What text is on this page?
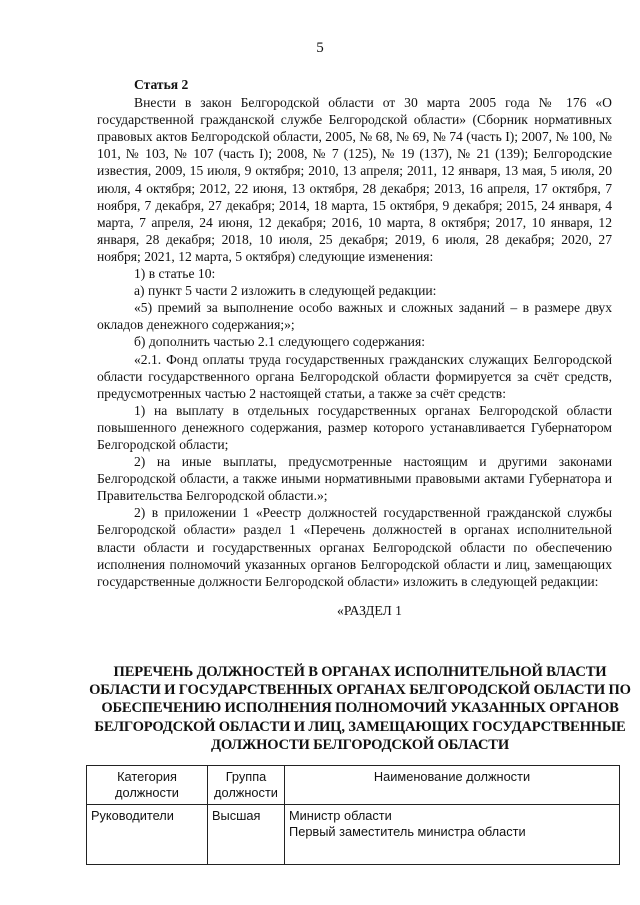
5
Статья 2

Внести в закон Белгородской области от 30 марта 2005 года № 176 «О государственной гражданской службе Белгородской области» (Сборник нормативных правовых актов Белгородской области, 2005, № 68, № 69, № 74 (часть I); 2007, № 100, № 101, № 103, № 107 (часть I); 2008, № 7 (125), № 19 (137), № 21 (139); Белгородские известия, 2009, 15 июля, 9 октября; 2010, 13 апреля; 2011, 12 января, 13 мая, 5 июля, 20 июля, 4 октября; 2012, 22 июня, 13 октября, 28 декабря; 2013, 16 апреля, 17 октября, 7 ноября, 7 декабря, 27 декабря; 2014, 18 марта, 15 октября, 9 декабря; 2015, 24 января, 4 марта, 7 апреля, 24 июня, 12 декабря; 2016, 10 марта, 8 октября; 2017, 10 января, 12 января, 28 декабря; 2018, 10 июля, 25 декабря; 2019, 6 июля, 28 декабря; 2020, 27 ноября; 2021, 12 марта, 5 октября) следующие изменения:

1) в статье 10:

а) пункт 5 части 2 изложить в следующей редакции:

«5) премий за выполнение особо важных и сложных заданий – в размере двух окладов денежного содержания;»;

б) дополнить частью 2.1 следующего содержания:

«2.1. Фонд оплаты труда государственных гражданских служащих Белгородской области государственного органа Белгородской области формируется за счёт средств, предусмотренных частью 2 настоящей статьи, а также за счёт средств:

1) на выплату в отдельных государственных органах Белгородской области повышенного денежного содержания, размер которого устанавливается Губернатором Белгородской области;

2) на иные выплаты, предусмотренные настоящим и другими законами Белгородской области, а также иными нормативными правовыми актами Губернатора и Правительства Белгородской области.»;

2) в приложении 1 «Реестр должностей государственной гражданской службы Белгородской области» раздел 1 «Перечень должностей в органах исполнительной власти области и государственных органах Белгородской области по обеспечению исполнения полномочий указанных органов Белгородской области и лиц, замещающих государственные должности Белгородской области» изложить в следующей редакции:

«РАЗДЕЛ 1
ПЕРЕЧЕНЬ ДОЛЖНОСТЕЙ В ОРГАНАХ ИСПОЛНИТЕЛЬНОЙ ВЛАСТИ ОБЛАСТИ И ГОСУДАРСТВЕННЫХ ОРГАНАХ БЕЛГОРОДСКОЙ ОБЛАСТИ ПО ОБЕСПЕЧЕНИЮ ИСПОЛНЕНИЯ ПОЛНОМОЧИЙ УКАЗАННЫХ ОРГАНОВ БЕЛГОРОДСКОЙ ОБЛАСТИ И ЛИЦ, ЗАМЕЩАЮЩИХ ГОСУДАРСТВЕННЫЕ ДОЛЖНОСТИ БЕЛГОРОДСКОЙ ОБЛАСТИ
Категория должности	Группа должности	Наименование должности
Руководители	Высшая	Министр области
Первый заместитель министра области
